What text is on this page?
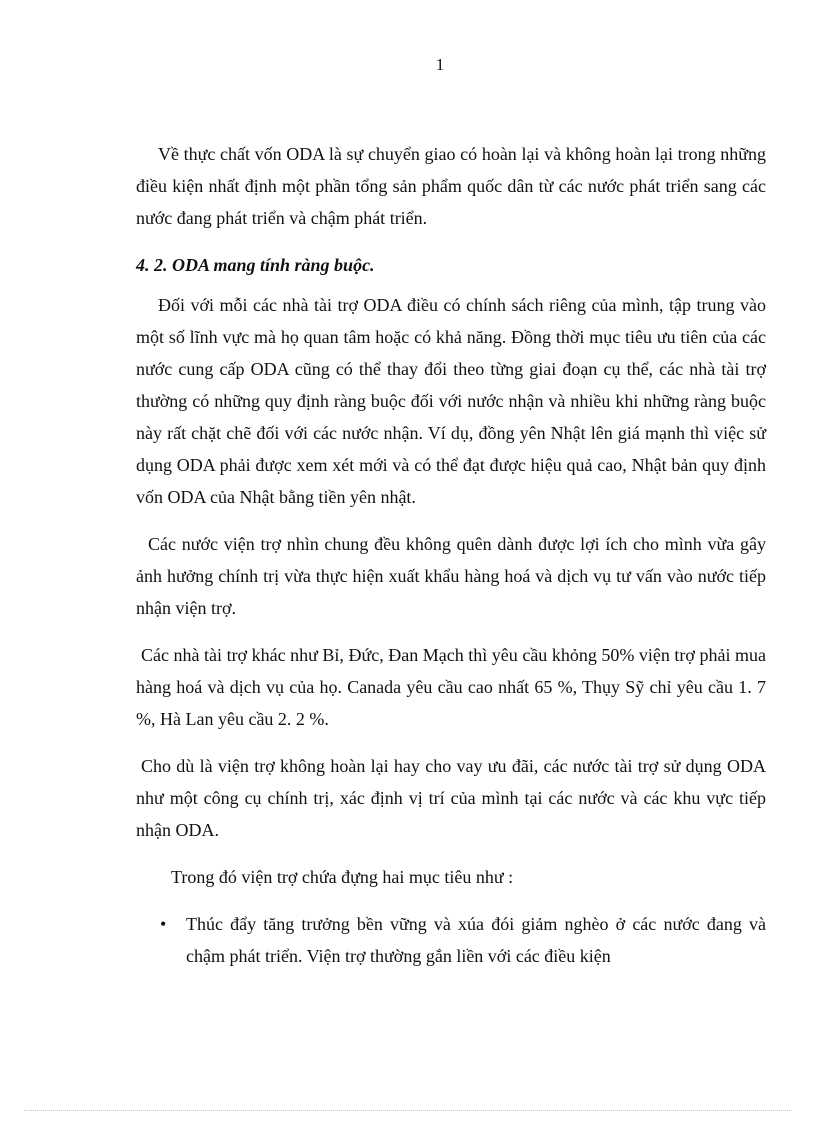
1

Về thực chất vốn ODA là sự chuyển giao có hoàn lại và không hoàn lại trong những điều kiện nhất định một phần tổng sản phẩm quốc dân từ các nước phát triển sang các nước đang phát triển và chậm phát triển.

4. 2. ODA mang tính ràng buộc.

Đối với mỗi các nhà tài trợ ODA điều có chính sách riêng của mình, tập trung vào một số lĩnh vực mà họ quan tâm hoặc có khả năng. Đồng thời mục tiêu ưu tiên của các nước cung cấp ODA cũng có thể thay đổi theo từng giai đoạn cụ thể, các nhà tài trợ thường có những quy định ràng buộc đối với nước nhận và nhiều khi những ràng buộc này rất chặt chẽ đối với các nước nhận. Ví dụ, đồng yên Nhật lên giá mạnh thì việc sử dụng ODA phải được xem xét mới và có thể đạt được hiệu quả cao, Nhật bản quy định vốn ODA của Nhật bằng tiền yên nhật.

Các nước viện trợ nhìn chung đều không quên dành được lợi ích cho mình vừa gây ảnh hưởng chính trị vừa thực hiện xuất khẩu hàng hoá và dịch vụ tư vấn vào nước tiếp nhận viện trợ.

Các nhà tài trợ khác như Bỉ, Đức, Đan Mạch thì yêu cầu khỏng 50% viện trợ phải mua hàng hoá và dịch vụ của họ. Canada yêu cầu cao nhất 65 %, Thụy Sỹ chỉ yêu cầu 1. 7 %, Hà Lan yêu cầu 2. 2 %.

Cho dù là viện trợ không hoàn lại hay cho vay ưu đãi, các nước tài trợ sử dụng ODA như một công cụ chính trị, xác định vị trí của mình tại các nước và các khu vực tiếp nhận ODA.

Trong đó viện trợ chứa đựng hai mục tiêu như :

• Thúc đẩy tăng trưởng bền vững và xúa đói giảm nghèo ở các nước đang và chậm phát triển. Viện trợ thường gắn liền với các điều kiện
